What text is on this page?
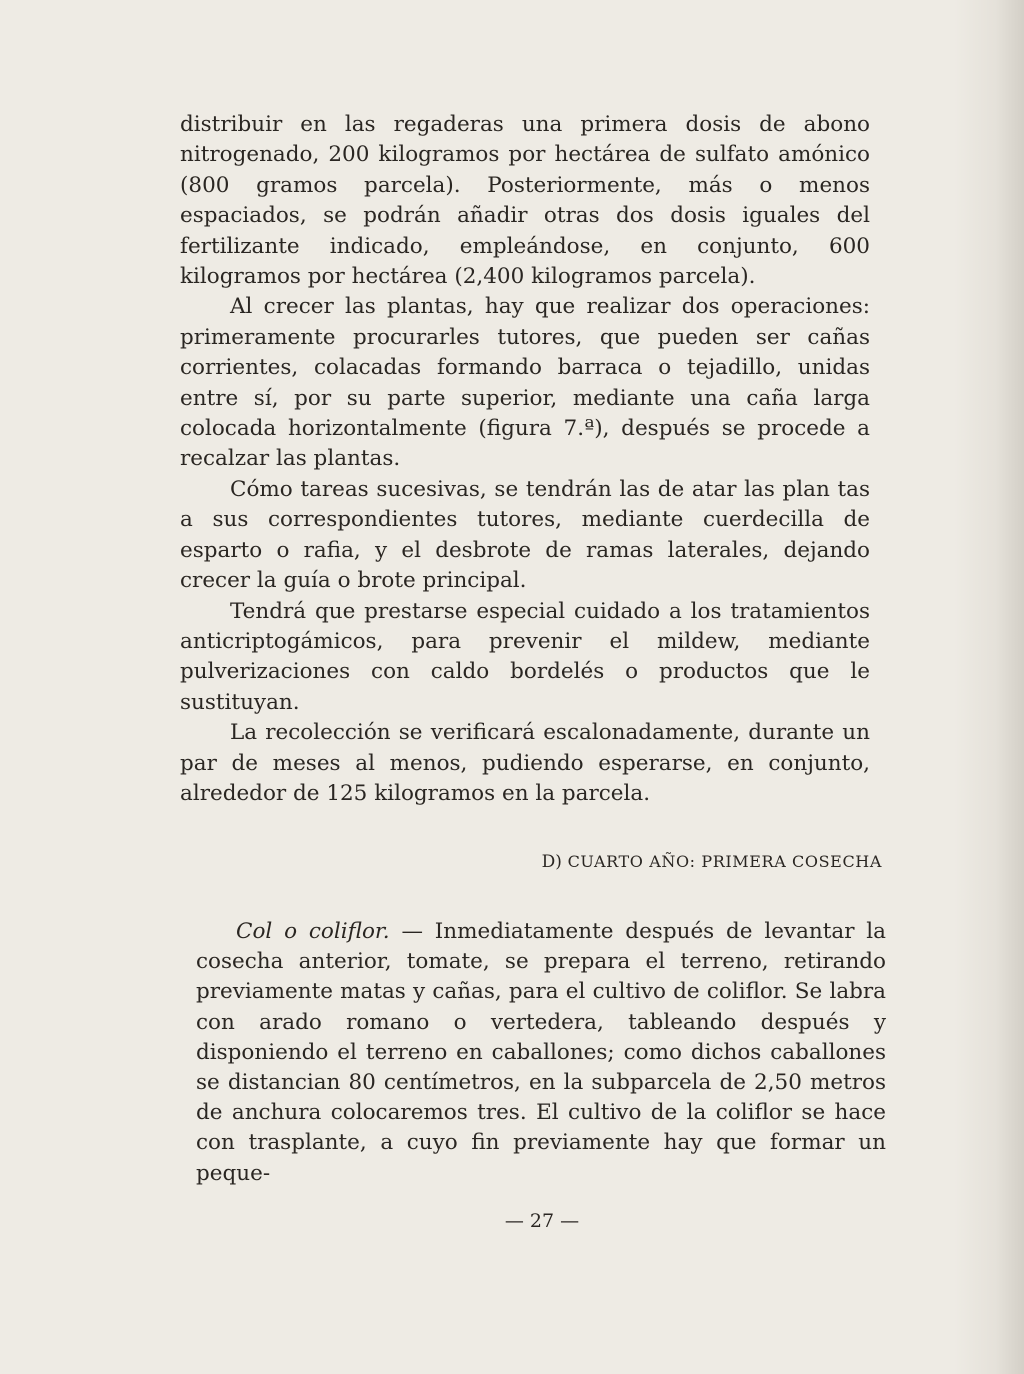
distribuir en las regaderas una primera dosis de abono nitrogenado, 200 kilogramos por hectárea de sulfato amónico (800 gramos parcela). Posteriormente, más o menos espaciados, se podrán añadir otras dos dosis iguales del fertilizante indicado, empleándose, en conjunto, 600 kilogramos por hectárea (2,400 kilogramos parcela).

Al crecer las plantas, hay que realizar dos operaciones: primeramente procurarles tutores, que pueden ser cañas corrientes, colacadas formando barraca o tejadillo, unidas entre sí, por su parte superior, mediante una caña larga colocada horizontalmente (figura 7.ª), después se procede a recalzar las plantas.

Cómo tareas sucesivas, se tendrán las de atar las plan tas a sus correspondientes tutores, mediante cuerdecilla de esparto o rafia, y el desbrote de ramas laterales, dejando crecer la guía o brote principal.

Tendrá que prestarse especial cuidado a los tratamientos anticriptogámicos, para prevenir el mildew, mediante pulverizaciones con caldo bordelés o productos que le sustituyan.

La recolección se verificará escalonadamente, durante un par de meses al menos, pudiendo esperarse, en conjunto, alrededor de 125 kilogramos en la parcela.

D) CUARTO AÑO: PRIMERA COSECHA

Col o coliflor. — Inmediatamente después de levantar la cosecha anterior, tomate, se prepara el terreno, retirando previamente matas y cañas, para el cultivo de coliflor. Se labra con arado romano o vertedera, tableando después y disponiendo el terreno en caballones; como dichos caballones se distancian 80 centímetros, en la subparcela de 2,50 metros de anchura colocaremos tres. El cultivo de la coliflor se hace con trasplante, a cuyo fin previamente hay que formar un peque-

— 27 —
